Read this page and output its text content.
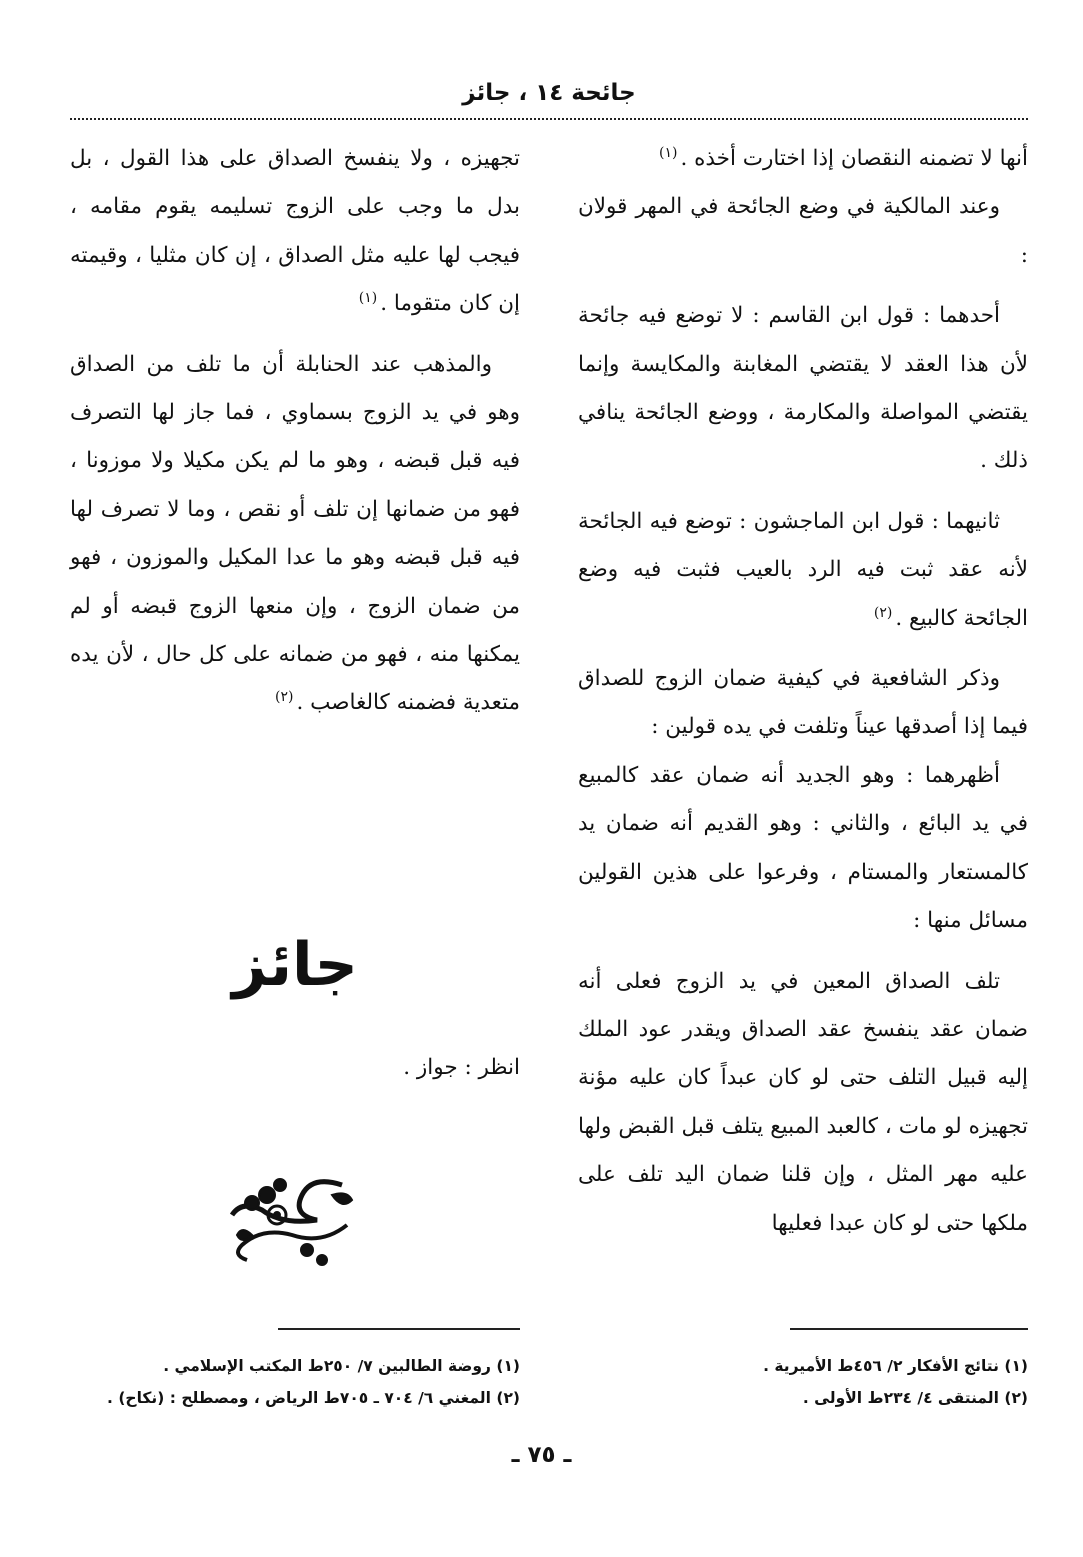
جائحة ١٤ ، جائز

أنها لا تضمنه النقصان إذا اختارت أخذه .$^{(١)}$

وعند المالكية في وضع الجائحة في المهر قولان :

أحدهما : قول ابن القاسم : لا توضع فيه جائحة لأن هذا العقد لا يقتضي المغابنة والمكايسة وإنما يقتضي المواصلة والمكارمة ، ووضع الجائحة ينافي ذلك .

ثانيهما : قول ابن الماجشون : توضع فيه الجائحة لأنه عقد ثبت فيه الرد بالعيب فثبت فيه وضع الجائحة كالبيع .$^{(٢)}$

وذكر الشافعية في كيفية ضمان الزوج للصداق فيما إذا أصدقها عيناً وتلفت في يده قولين :

أظهرهما : وهو الجديد أنه ضمان عقد كالمبيع في يد البائع ، والثاني : وهو القديم أنه ضمان يد كالمستعار والمستام ، وفرعوا على هذين القولين مسائل منها :

تلف الصداق المعين في يد الزوج فعلى أنه ضمان عقد ينفسخ عقد الصداق ويقدر عود الملك إليه قبيل التلف حتى لو كان عبداً كان عليه مؤنة تجهيزه لو مات ، كالعبد المبيع يتلف قبل القبض ولها عليه مهر المثل ، وإن قلنا ضمان اليد تلف على ملكها حتى لو كان عبدا فعليها

تجهيزه ، ولا ينفسخ الصداق على هذا القول ، بل بدل ما وجب على الزوج تسليمه يقوم مقامه ، فيجب لها عليه مثل الصداق ، إن كان مثليا ، وقيمته إن كان متقوما .$^{(١)}$

والمذهب عند الحنابلة أن ما تلف من الصداق وهو في يد الزوج بسماوي ، فما جاز لها التصرف فيه قبل قبضه ، وهو ما لم يكن مكيلا ولا موزونا ، فهو من ضمانها إن تلف أو نقص ، وما لا تصرف لها فيه قبل قبضه وهو ما عدا المكيل والموزون ، فهو من ضمان الزوج ، وإن منعها الزوج قبضه أو لم يمكنها منه ، فهو من ضمانه على كل حال ، لأن يده متعدية فضمنه كالغاصب .$^{(٢)}$

جائز
انظر : جواز .

(١) روضة الطالبين ٧/ ٢٥٠ط المكتب الإسلامي .

(٢) المغني ٦/ ٧٠٤ ـ ٧٠٥ط الرياض ، ومصطلح : (نكاح) .

(١) نتائج الأفكار ٢/ ٤٥٦ط الأميرية .

(٢) المنتقى ٤/ ٢٣٤ط الأولى .

ـ ٧٥ ـ
